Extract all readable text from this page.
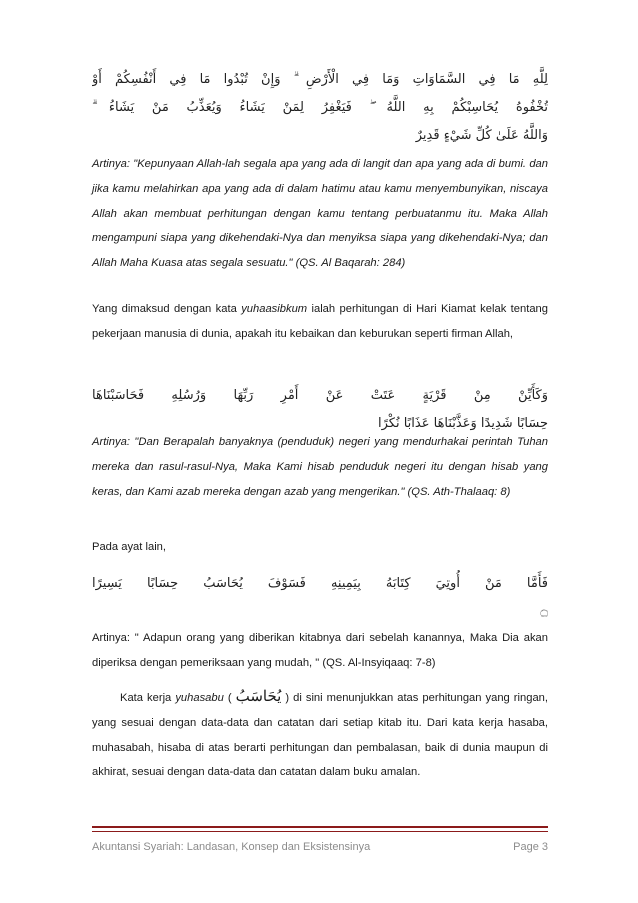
لِلَّهِ مَا فِي السَّمَاوَاتِ وَمَا فِي الْأَرْضِ ۗ وَإِنْ تُبْدُوا مَا فِي أَنْفُسِكُمْ أَوْ
تُخْفُوهُ يُحَاسِبْكُمْ بِهِ اللَّهُ ۖ فَيَغْفِرُ لِمَنْ يَشَاءُ وَيُعَذِّبُ مَنْ يَشَاءُ ۗ
وَاللَّهُ عَلَىٰ كُلِّ شَيْءٍ قَدِيرٌ
Artinya: "Kepunyaan Allah-lah segala apa yang ada di langit dan apa yang ada di bumi. dan jika kamu melahirkan apa yang ada di dalam hatimu atau kamu menyembunyikan, niscaya Allah akan membuat perhitungan dengan kamu tentang perbuatanmu itu. Maka Allah mengampuni siapa yang dikehendaki-Nya dan menyiksa siapa yang dikehendaki-Nya; dan Allah Maha Kuasa atas segala sesuatu." (QS. Al Baqarah: 284)
Yang dimaksud dengan kata yuhaasibkum ialah perhitungan di Hari Kiamat kelak tentang pekerjaan manusia di dunia, apakah itu kebaikan dan keburukan seperti firman Allah,
وَكَأَيِّنْ مِنْ قَرْيَةٍ عَتَتْ عَنْ أَمْرِ رَبِّهَا وَرُسُلِهِ فَحَاسَبْنَاهَا
حِسَابًا شَدِيدًا وَعَذَّبْنَاهَا عَذَابًا نُكْرًا
Artinya: "Dan Berapalah banyaknya (penduduk) negeri yang mendurhakai perintah Tuhan mereka dan rasul-rasul-Nya, Maka Kami hisab penduduk negeri itu dengan hisab yang keras, dan Kami azab mereka dengan azab yang mengerikan." (QS. Ath-Thalaaq: 8)
Pada ayat lain,
فَأَمَّا مَنْ أُوتِيَ كِتَابَهُ بِيَمِينِهِ فَسَوْفَ يُحَاسَبُ حِسَابًا يَسِيرًا
۝
Artinya: " Adapun orang yang diberikan kitabnya dari sebelah kanannya, Maka Dia akan diperiksa dengan pemeriksaan yang mudah, " (QS. Al-Insyiqaaq: 7-8)
Kata kerja yuhasabu ( يُحَاسَبُ ) di sini menunjukkan atas perhitungan yang ringan, yang sesuai dengan data-data dan catatan dari setiap kitab itu. Dari kata kerja hasaba, muhasabah, hisaba di atas berarti perhitungan dan pembalasan, baik di dunia maupun di akhirat, sesuai dengan data-data dan catatan dalam buku amalan.
Akuntansi Syariah: Landasan, Konsep dan Eksistensinya	Page 3
